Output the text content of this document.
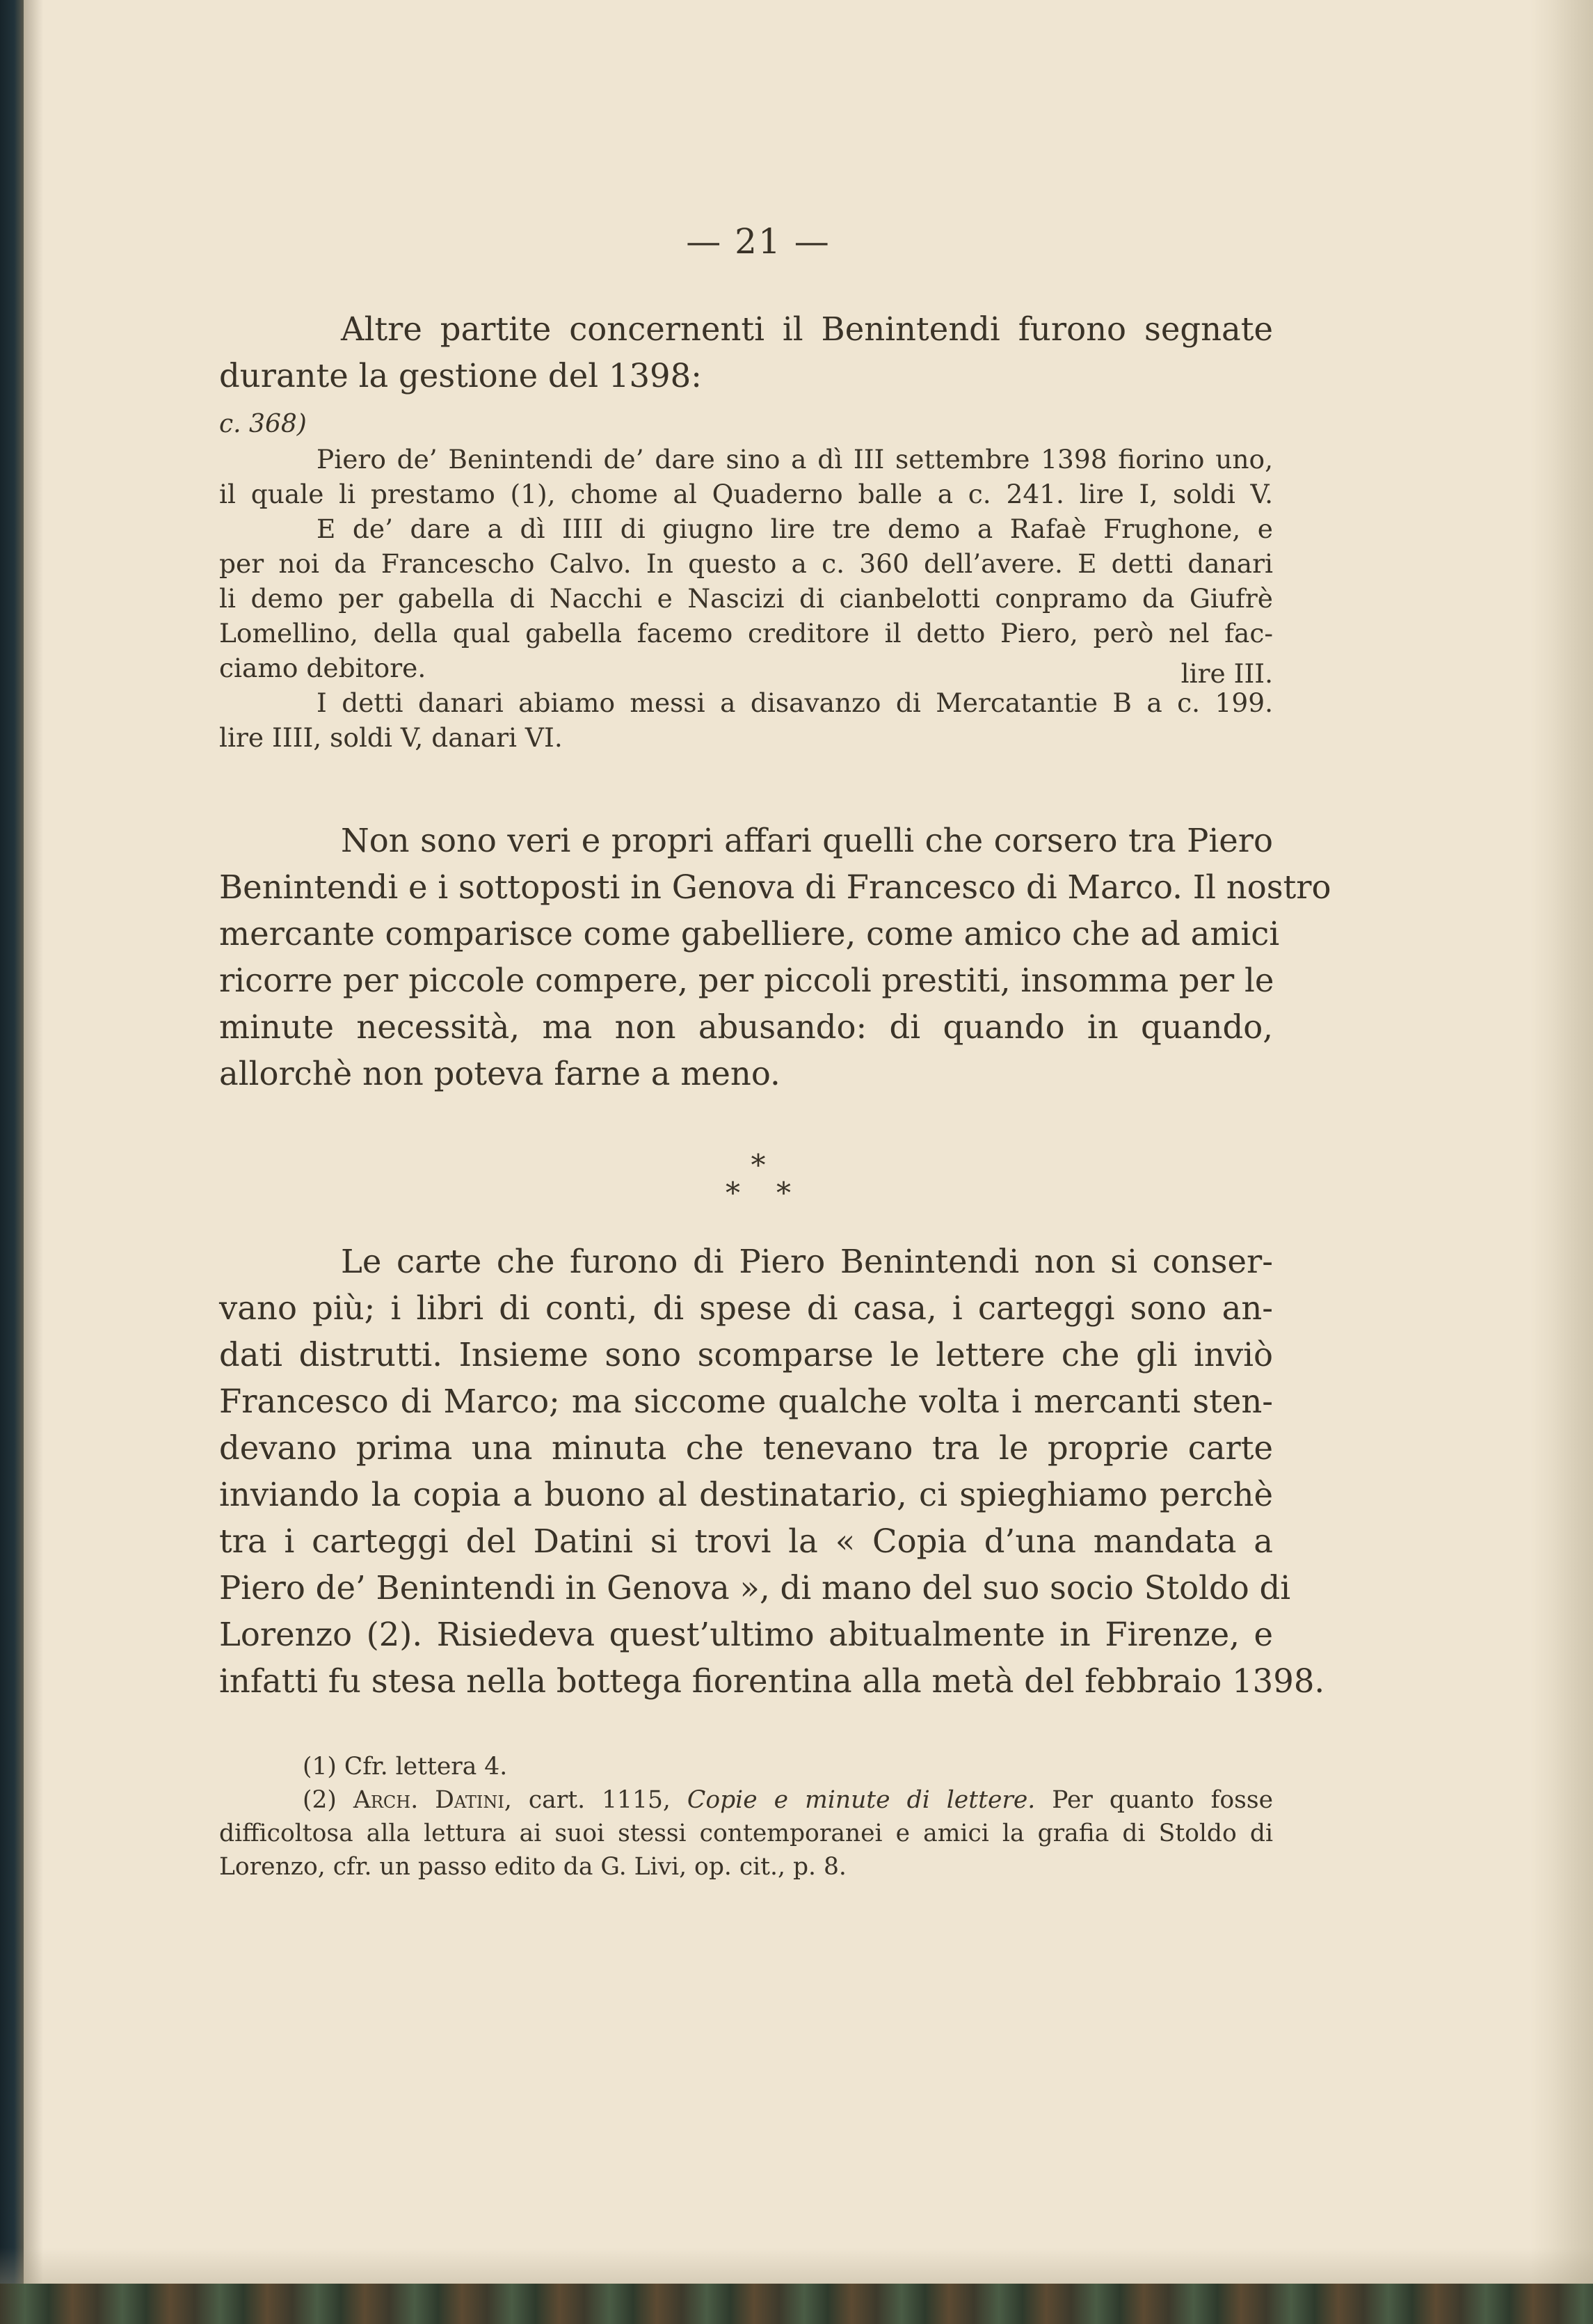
— 21 —
Altre partite concernenti il Benintendi furono segnate
durante la gestione del 1398:
c. 368)
Piero de’ Benintendi de’ dare sino a dì III settembre 1398 fiorino uno,
il quale li prestamo (1), chome al Quaderno balle a c. 241. lire I, soldi V.
E de’ dare a dì IIII di giugno lire tre demo a Rafaè Frughone, e
per noi da Franceschо Calvo. In questo a c. 360 dell’avere. E detti danari
li demo per gabella di Nacchi e Nascizi di cianbelotti conpramo da Giufrè
Lomellino, della qual gabella facemo creditore il detto Piero, però nel fac-
ciamo debitore.	lire III.
I detti danari abiamo messi a disavanzo di Mercatantie B a c. 199.
lire IIII, soldi V, danari VI.
Non sono veri e propri affari quelli che corsero tra Piero
Benintendi e i sottoposti in Genova di Francesco di Marco. Il nostro
mercante comparisce come gabelliere, come amico che ad amici
ricorre per piccole compere, per piccoli prestiti, insomma per le
minute necessità, ma non abusando: di quando in quando,
allorchè non poteva farne a meno.
*
**
Le carte che furono di Piero Benintendi non si conser-
vano più; i libri di conti, di spese di casa, i carteggi sono an-
dati distrutti. Insieme sono scomparse le lettere che gli inviò
Francesco di Marco; ma siccome qualche volta i mercanti sten-
devano prima una minuta che tenevano tra le proprie carte
inviando la copia a buono al destinatario, ci spieghiamo perchè
tra i carteggi del Datini si trovi la « Copia d’una mandata a
Piero de’ Benintendi in Genova », di mano del suo socio Stoldo di
Lorenzo (2). Risiedeva quest’ultimo abitualmente in Firenze, e
infatti fu stesa nella bottega fiorentina alla metà del febbraio 1398.
(1) Cfr. lettera 4.
(2) Arch. Datini, cart. 1115, Copie e minute di lettere. Per quanto fosse
difficoltosa alla lettura ai suoi stessi contemporanei e amici la grafia di Stoldo di
Lorenzo, cfr. un passo edito da G. Livi, op. cit., p. 8.
